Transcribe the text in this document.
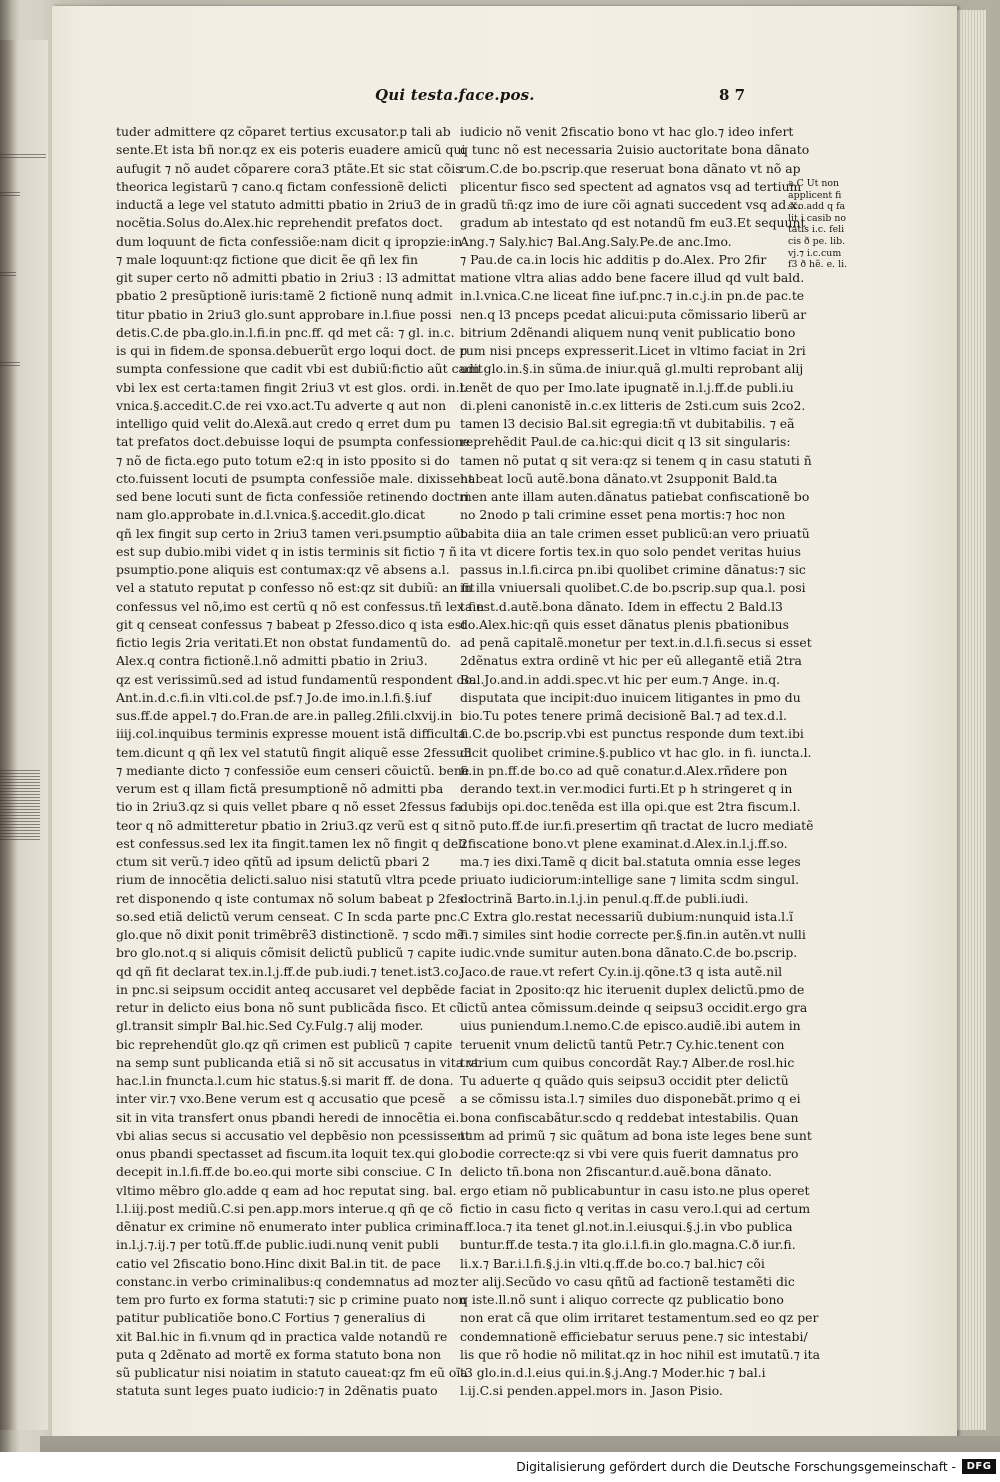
Qui testa.face.pos.	8 7
tuder admittere qz cõparet tertius excusator.p tali ab
sente.Et ista bñ nor.qz ex eis poteris euadere amicũ qui
aufugit ⁊ nõ audet cõparere cora3 ptãte.Et sic stat cõis
theorica legistarũ ⁊ cano.q fictam confessionẽ delicti
inductã a lege vel statuto admitti pbatio in 2riu3 de in
nocẽtia.Solus do.Alex.hic reprehendit prefatos doct.
dum loquunt de ficta confessiõe:nam dicit q ipropzie:in
⁊ male loquunt:qz fictione que dicit ẽe qñ lex fin
git super certo nõ admitti pbatio in 2riu3 : l3 admittat
pbatio 2 presũptionẽ iuris:tamẽ 2 fictionẽ nunq admit
titur pbatio in 2riu3 glo.sunt approbare in.l.fiue possi
detis.C.de pba.glo.in.l.fi.in pnc.ff. qd met cã: ⁊ gl. in.c.
is qui in fidem.de sponsa.debuerũt ergo loqui doct. de p
sumpta confessione que cadit vbi est dubiũ:fictio aũt cadit
vbi lex est certa:tamen fingit 2riu3 vt est glos. ordi. in.l.
vnica.§.accedit.C.de rei vxo.act.Tu adverte q aut non
intelligo quid velit do.Alexã.aut credo q erret dum pu
tat prefatos doct.debuisse loqui de psumpta confessione
⁊ nõ de ficta.ego puto totum e2:q in isto pposito si do
cto.fuissent locuti de psumpta confessiõe male. dixissent
sed bene locuti sunt de ficta confessiõe retinendo doctri
nam glo.approbate in.d.l.vnica.§.accedit.glo.dicat
qñ lex fingit sup certo in 2riu3 tamen veri.psumptio aũt
est sup dubio.mibi videt q in istis terminis sit fictio ⁊ ñ
psumptio.pone aliquis est contumax:qz vẽ absens a.l.
vel a statuto reputat p confesso nõ est:qz sit dubiũ: an fit
confessus vel nõ,imo est certũ q nõ est confessus.tñ lex fin
git q censeat confessus ⁊ babeat p 2fesso.dico q ista est
fictio legis 2ria veritati.Et non obstat fundamentũ do.
Alex.q contra fictionẽ.l.nõ admitti pbatio in 2riu3.
qz est verissimũ.sed ad istud fundamentũ respondent do.
Ant.in.d.c.fi.in vlti.col.de psf.⁊ Jo.de imo.in.l.fi.§.iuf
sus.ff.de appel.⁊ do.Fran.de are.in palleg.2fili.clxvij.in
iiij.col.inquibus terminis expresse mouent istã difficulta
tem.dicunt q qñ lex vel statutũ fingit aliquẽ esse 2fessu3
⁊ mediante dicto ⁊ confessiõe eum censeri cõuictũ. bene
verum est q illam fictã presumptionẽ nõ admitti pba
tio in 2riu3.qz si quis vellet pbare q nõ esset 2fessus fa
teor q nõ admitteretur pbatio in 2riu3.qz verũ est q sit
est confessus.sed lex ita fingit.tamen lex nõ fingit q deli
ctum sit verũ.⁊ ideo qñtũ ad ipsum delictũ pbari 2
rium de innocẽtia delicti.saluo nisi statutũ vltra pcede
ret disponendo q iste contumax nõ solum babeat p 2fes
so.sed etiã delictũ verum censeat. C In scda parte pnc.
glo.que nõ dixit ponit trimẽbrẽ3 distinctionẽ. ⁊ scdo mẽ
bro glo.not.q si aliquis cõmisit delictũ publicũ ⁊ capite
qd qñ fit declarat tex.in.l.j.ff.de pub.iudi.⁊ tenet.ist3.co.
in pnc.si seipsum occidit anteq accusaret vel depbẽde
retur in delicto eius bona nõ sunt publicãda fisco. Et cũ
gl.transit simplr Bal.hic.Sed Cy.Fulg.⁊ alij moder.
bic reprehendũt glo.qz qñ crimen est publicũ ⁊ capite
na semp sunt publicanda etiã si nõ sit accusatus in vita vt
hac.l.in fnuncta.l.cum hic status.§.si marit ff. de dona.
inter vir.⁊ vxo.Bene verum est q accusatio que pcesẽ
sit in vita transfert onus pbandi heredi de innocẽtia ei.
vbi alias secus si accusatio vel depbẽsio non pcessissent
onus pbandi spectasset ad fiscum.ita loquit tex.qui glo.
decepit in.l.fi.ff.de bo.eo.qui morte sibi consciue. C In
vltimo mẽbro glo.adde q eam ad hoc reputat sing. bal.
l.l.iij.post mediũ.C.si pen.app.mors interue.q qñ qe cõ
dẽnatur ex crimine nõ enumerato inter publica crimina
in.l.j.⁊.ij.⁊ per totũ.ff.de public.iudi.nunq venit publi
catio vel 2fiscatio bono.Hinc dixit Bal.in tit. de pace
constanc.in verbo criminalibus:q condemnatus ad moz
tem pro furto ex forma statuti:⁊ sic p crimine puato non
patitur publicatiõe bono.C Fortius ⁊ generalius di
xit Bal.hic in fi.vnum qd in practica valde notandũ re
puta q 2dẽnato ad mortẽ ex forma statuto bona non
sũ publicatur nisi noiatim in statuto caueat:qz fm eũ oĩa
statuta sunt leges puato iudicio:⁊ in 2dẽnatis puato
iudicio nõ venit 2fiscatio bono vt hac glo.⁊ ideo infert
q tunc nõ est necessaria 2uisio auctoritate bona dãnato
rum.C.de bo.pscrip.que reseruat bona dãnato vt nõ ap
plicentur fisco sed spectent ad agnatos vsq ad tertium
gradũ tñ:qz imo de iure cõi agnati succedent vsq ad.x.
gradum ab intestato qd est notandũ fm eu3.Et sequunt
Ang.⁊ Saly.hic⁊ Bal.Ang.Saly.Pe.de anc.Imo.
⁊ Pau.de ca.in locis hic additis p do.Alex. Pro 2fir
matione vltra alias addo bene facere illud qd vult bald.
in.l.vnica.C.ne liceat fine iuf.pnc.⁊ in.c.j.in pn.de pac.te
nen.q l3 pnceps pcedat alicui:puta cõmissario liberũ ar
bitrium 2dẽnandi aliquem nunq venit publicatio bono
rum nisi pnceps expresserit.Licet in vltimo faciat in 2ri
um glo.in.§.in sũma.de iniur.quã gl.multi reprobant alij
tenẽt de quo per Imo.late ipugnatẽ in.l.j.ff.de publi.iu
di.pleni canonistẽ in.c.ex litteris de 2sti.cum suis 2co2.
tamen l3 decisio Bal.sit egregia:tñ vt dubitabilis. ⁊ eã
reprehẽdit Paul.de ca.hic:qui dicit q l3 sit singularis:
tamen nõ putat q sit vera:qz si tenem q in casu statuti ñ
habeat locũ autẽ.bona dãnato.vt 2supponit Bald.ta
men ante illam auten.dãnatus patiebat confiscationẽ bo
no 2nodo p tali crimine esset pena mortis:⁊ hoc non
babita diia an tale crimen esset publicũ:an vero priuatũ
ita vt dicere fortis tex.in quo solo pendet veritas huius
passus in.l.fi.circa pn.ibi quolibet crimine dãnatus:⁊ sic
in illa vniuersali quolibet.C.de bo.pscrip.sup qua.l. posi
ta est.d.autẽ.bona dãnato. Idem in effectu 2 Bald.l3
do.Alex.hic:qñ quis esset dãnatus plenis pbationibus
ad penã capitalẽ.monetur per text.in.d.l.fi.secus si esset
2dẽnatus extra ordinẽ vt hic per eũ allegantẽ etiã 2tra
Bal.Jo.and.in addi.spec.vt hic per eum.⁊ Ange. in.q.
disputata que incipit:duo inuicem litigantes in pmo du
bio.Tu potes tenere primã decisionẽ Bal.⁊ ad tex.d.l.
fi.C.de bo.pscrip.vbi est punctus responde dum text.ibi
dicit quolibet crimine.§.publico vt hac glo. in fi. iuncta.l.
fi.in pn.ff.de bo.co ad quẽ conatur.d.Alex.rñdere pon
derando text.in ver.modici furti.Et p h stringeret q in
dubijs opi.doc.tenẽda est illa opi.que est 2tra fiscum.l.
nõ puto.ff.de iur.fi.presertim qñ tractat de lucro mediatẽ
2fiscatione bono.vt plene examinat.d.Alex.in.l.j.ff.so.
ma.⁊ ies dixi.Tamẽ q dicit bal.statuta omnia esse leges
priuato iudiciorum:intellige sane ⁊ limita scdm singul.
doctrinã Barto.in.l.j.in penul.q.ff.de publi.iudi.
C Extra glo.restat necessariũ dubium:nunquid ista.l.ĩ
fi.⁊ similes sint hodie correcte per.§.fin.in autẽn.vt nulli
iudic.vnde sumitur auten.bona dãnato.C.de bo.pscrip.
Jaco.de raue.vt refert Cy.in.ij.qõne.t3 q ista autẽ.nil
faciat in 2posito:qz hic iteruenit duplex delictũ.pmo de
lictũ antea cõmissum.deinde q seipsu3 occidit.ergo gra
uius puniendum.l.nemo.C.de episco.audiẽ.ibi autem in
teruenit vnum delictũ tantũ Petr.⁊ Cy.hic.tenent con
trarium cum quibus concordãt Ray.⁊ Alber.de rosl.hic
Tu aduerte q quãdo quis seipsu3 occidit pter delictũ
a se cõmissu ista.l.⁊ similes duo disponebãt.primo q ei
bona confiscabãtur.scdo q reddebat intestabilis. Quan
tum ad primũ ⁊ sic quãtum ad bona iste leges bene sunt
bodie correcte:qz si vbi vere quis fuerit damnatus pro
delicto tñ.bona non 2fiscantur.d.auẽ.bona dãnato.
ergo etiam nõ publicabuntur in casu isto.ne plus operet
fictio in casu ficto q veritas in casu vero.l.qui ad certum
.ff.loca.⁊ ita tenet gl.not.in.l.eiusqui.§.j.in vbo publica
buntur.ff.de testa.⁊ ita glo.i.l.fi.in glo.magna.C.ð iur.fi.
li.x.⁊ Bar.i.l.fi.§.j.in vlti.q.ff.de bo.co.⁊ bal.hic⁊ cõi
ter alij.Secũdo vo casu qñtũ ad factionẽ testamẽti dic
q iste.ll.nõ sunt i aliquo correcte qz publicatio bono
non erat cã que olim irritaret testamentum.sed eo qz per
condemnationẽ efficiebatur seruus pene.⁊ sic intestabi/
lis que rõ hodie nõ militat.qz in hoc nihil est imutatũ.⁊ ita
t3 glo.in.d.l.eius qui.in.§.j.Ang.⁊ Moder.hic ⁊ bal.i
l.ij.C.si penden.appel.mors in. Jason Pisio.
a C Ut non
applicent fi
sco.add q fa
lit i casib no
tatis i.c. feli
cis ð pe. lib.
vj.⁊ i.c.cum
f3 ð hẽ. e. li.
Digitalisierung gefördert durch die Deutsche Forschungsgemeinschaft -	DFG
